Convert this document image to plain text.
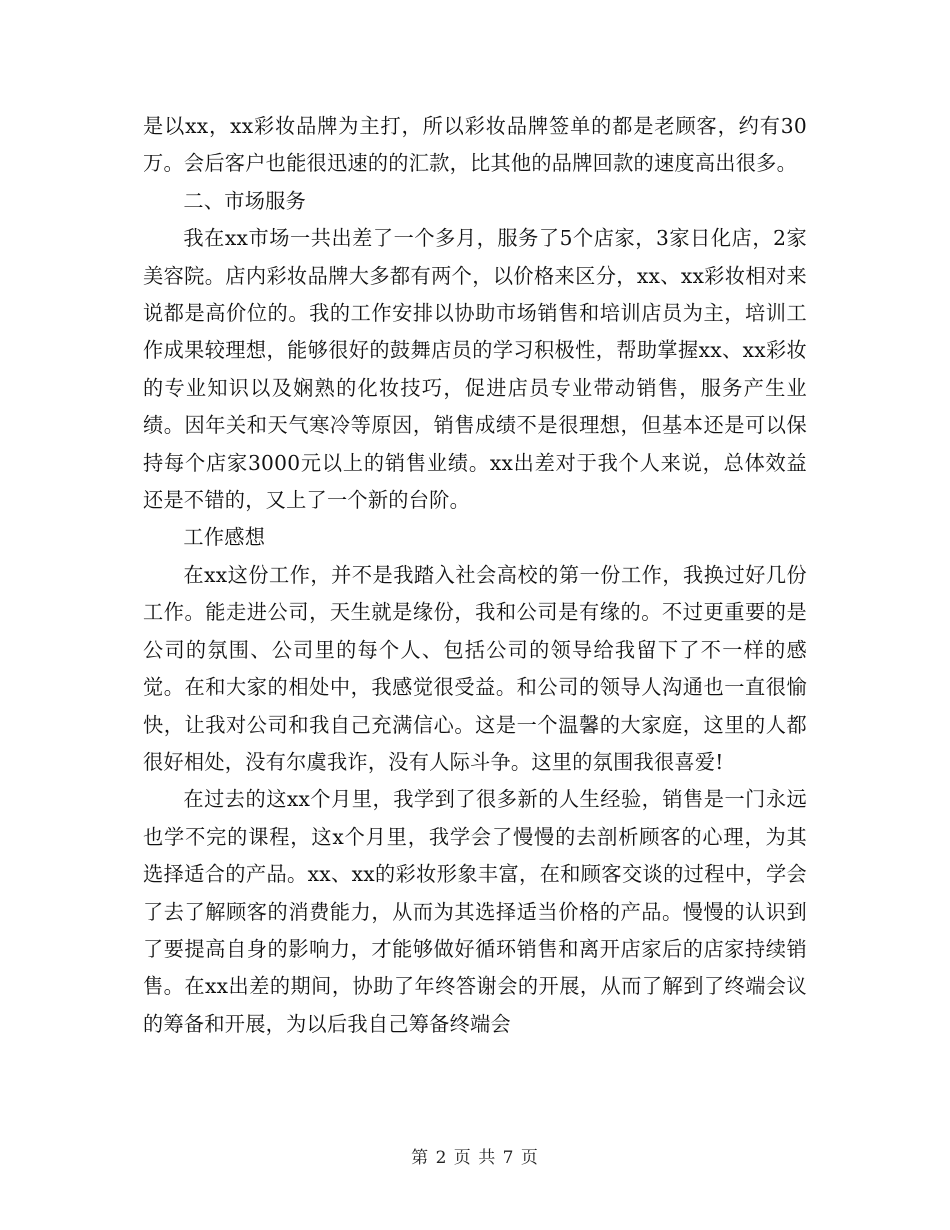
是以xx，xx彩妆品牌为主打，所以彩妆品牌签单的都是老顾客，约有30万。会后客户也能很迅速的的汇款，比其他的品牌回款的速度高出很多。

二、市场服务

我在xx市场一共出差了一个多月，服务了5个店家，3家日化店，2家美容院。店内彩妆品牌大多都有两个，以价格来区分，xx、xx彩妆相对来说都是高价位的。我的工作安排以协助市场销售和培训店员为主，培训工作成果较理想，能够很好的鼓舞店员的学习积极性，帮助掌握xx、xx彩妆的专业知识以及娴熟的化妆技巧，促进店员专业带动销售，服务产生业绩。因年关和天气寒冷等原因，销售成绩不是很理想，但基本还是可以保持每个店家3000元以上的销售业绩。xx出差对于我个人来说，总体效益还是不错的，又上了一个新的台阶。

工作感想

在xx这份工作，并不是我踏入社会高校的第一份工作，我换过好几份工作。能走进公司，天生就是缘份，我和公司是有缘的。不过更重要的是公司的氛围、公司里的每个人、包括公司的领导给我留下了不一样的感觉。在和大家的相处中，我感觉很受益。和公司的领导人沟通也一直很愉快，让我对公司和我自己充满信心。这是一个温馨的大家庭，这里的人都很好相处，没有尔虞我诈，没有人际斗争。这里的氛围我很喜爱!

在过去的这xx个月里，我学到了很多新的人生经验，销售是一门永远也学不完的课程，这x个月里，我学会了慢慢的去剖析顾客的心理，为其选择适合的产品。xx、xx的彩妆形象丰富，在和顾客交谈的过程中，学会了去了解顾客的消费能力，从而为其选择适当价格的产品。慢慢的认识到了要提高自身的影响力，才能够做好循环销售和离开店家后的店家持续销售。在xx出差的期间，协助了年终答谢会的开展，从而了解到了终端会议的筹备和开展，为以后我自己筹备终端会

第 2 页 共 7 页
